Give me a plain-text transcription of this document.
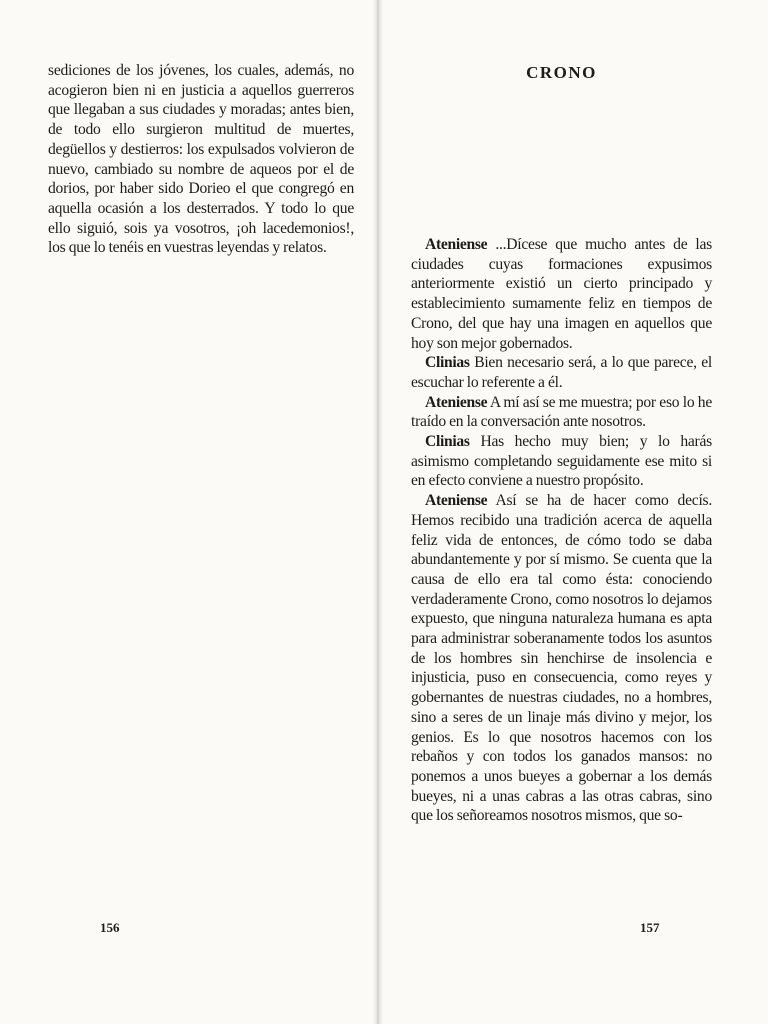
sediciones de los jóvenes, los cuales, además, no acogieron bien ni en justicia a aquellos guerreros que llegaban a sus ciudades y moradas; antes bien, de todo ello surgieron multitud de muertes, degüellos y destierros: los expulsados volvieron de nuevo, cambiado su nombre de aqueos por el de dorios, por haber sido Dorieo el que congregó en aquella ocasión a los desterrados. Y todo lo que ello siguió, sois ya vosotros, ¡oh lacedemonios!, los que lo tenéis en vuestras leyendas y relatos.

156
CRONO

Ateniense ...Dícese que mucho antes de las ciudades cuyas formaciones expusimos anteriormente existió un cierto principado y establecimiento sumamente feliz en tiempos de Crono, del que hay una imagen en aquellos que hoy son mejor gobernados.

Clinias Bien necesario será, a lo que parece, el escuchar lo referente a él.

Ateniense A mí así se me muestra; por eso lo he traído en la conversación ante nosotros.

Clinias Has hecho muy bien; y lo harás asimismo completando seguidamente ese mito si en efecto conviene a nuestro propósito.

Ateniense Así se ha de hacer como decís. Hemos recibido una tradición acerca de aquella feliz vida de entonces, de cómo todo se daba abundantemente y por sí mismo. Se cuenta que la causa de ello era tal como ésta: conociendo verdaderamente Crono, como nosotros lo dejamos expuesto, que ninguna naturaleza humana es apta para administrar soberanamente todos los asuntos de los hombres sin henchirse de insolencia e injusticia, puso en consecuencia, como reyes y gobernantes de nuestras ciudades, no a hombres, sino a seres de un linaje más divino y mejor, los genios. Es lo que nosotros hacemos con los rebaños y con todos los ganados mansos: no ponemos a unos bueyes a gobernar a los demás bueyes, ni a unas cabras a las otras cabras, sino que los señoreamos nosotros mismos, que so-

157
